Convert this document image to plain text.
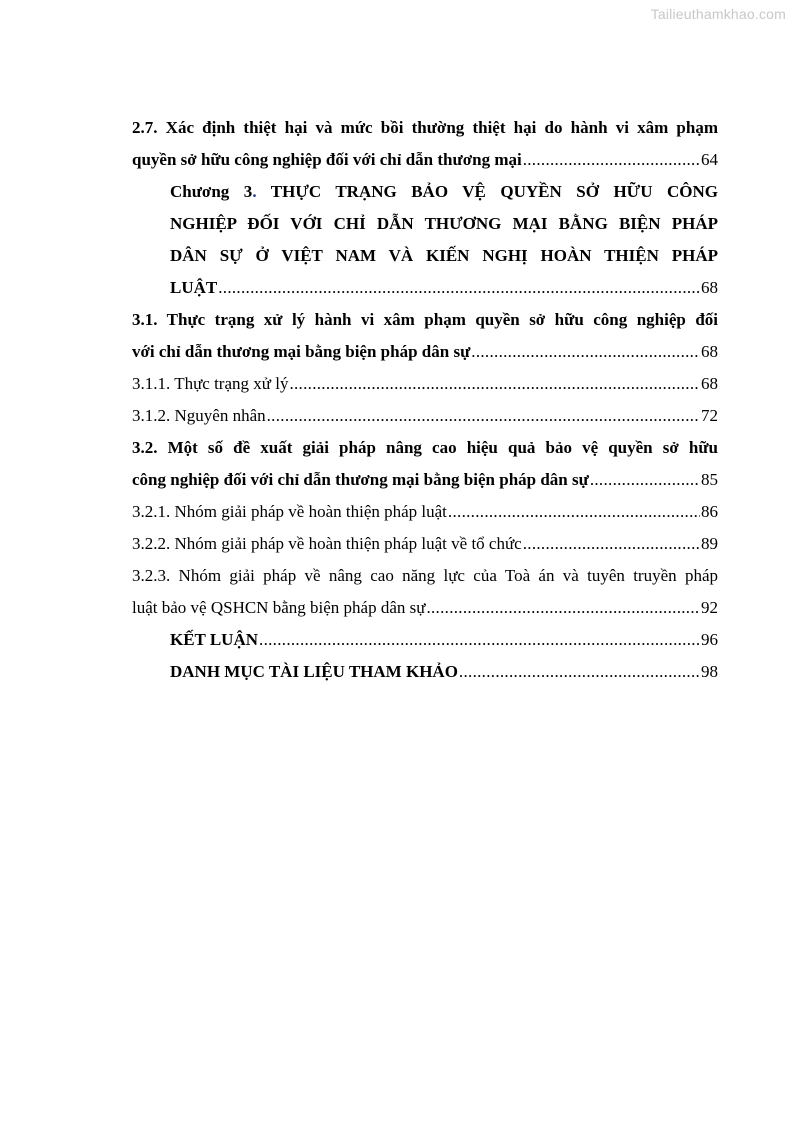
Tailieuthamkhao.com
2.7. Xác định thiệt hại và mức bồi thường thiệt hại do hành vi xâm phạm
quyền sở hữu công nghiệp đối với chỉ dẫn thương mại .....	64
Chương 3. THỰC TRẠNG BẢO VỆ QUYỀN SỞ HỮU CÔNG
NGHIỆP ĐỐI VỚI CHỈ DẪN THƯƠNG MẠI BẰNG BIỆN PHÁP
DÂN SỰ Ở VIỆT NAM VÀ KIẾN NGHỊ HOÀN THIỆN PHÁP
LUẬT .....	68
3.1. Thực trạng xử lý hành vi xâm phạm quyền sở hữu công nghiệp đối
với chỉ dẫn thương mại bằng biện pháp dân sự .....	68
3.1.1. Thực trạng xử lý .....	68
3.1.2. Nguyên nhân .....	72
3.2. Một số đề xuất giải pháp nâng cao hiệu quả bảo vệ quyền sở hữu
công nghiệp đối với chỉ dẫn thương mại bằng biện pháp dân sự .....	85
3.2.1. Nhóm giải pháp về hoàn thiện pháp luật .....	86
3.2.2. Nhóm giải pháp về hoàn thiện pháp luật về tổ chức .....	89
3.2.3. Nhóm giải pháp về nâng cao năng lực của Toà án và tuyên truyền pháp
luật bảo vệ QSHCN bằng biện pháp dân sự .....	92
KẾT LUẬN .....	96
DANH MỤC TÀI LIỆU THAM KHẢO .....	98
